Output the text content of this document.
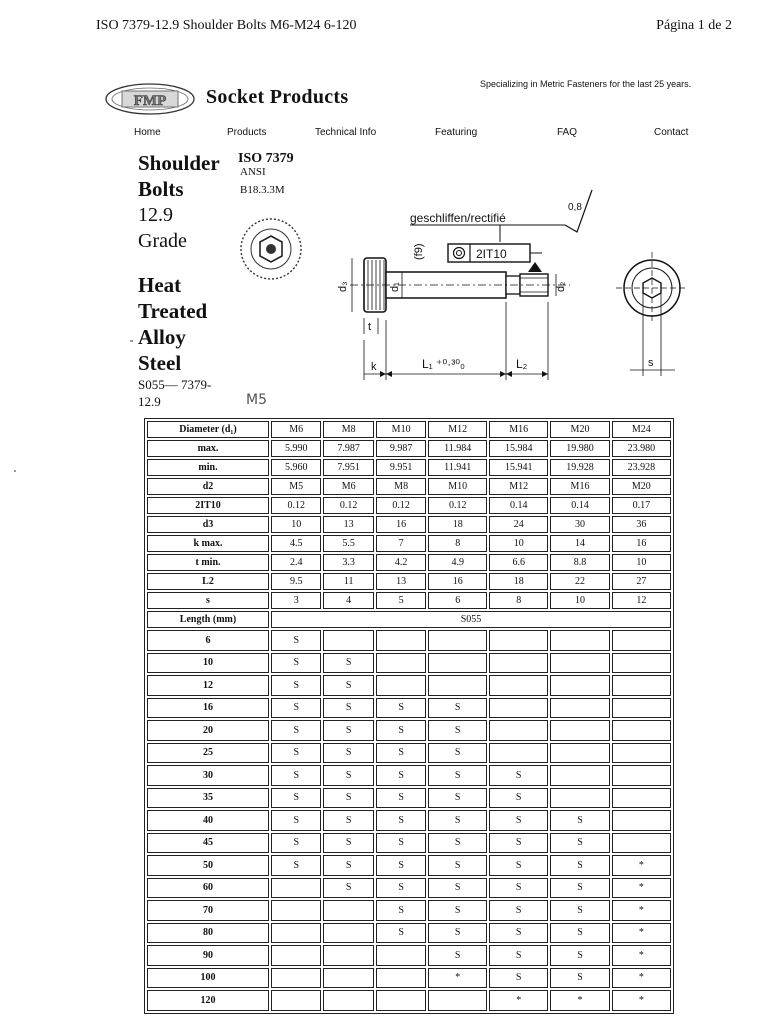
ISO 7379-12.9 Shoulder Bolts M6-M24 6-120	Página 1 de 2
FMP Socket Products
Specializing in Metric Fasteners for the last 25 years.
Home	Products	Technical Info	Featuring	FAQ	Contact
Shoulder
Bolts
12.9
Grade
Heat
Treated
Alloy
Steel
S055— 7379-
12.9	M5
ISO 7379
ANSI
B18.3.3M
geschliffen/rectifié
0,8
2IT10
(f9)
d₃	d₁	d₂
t
k	L₁ ⁺⁰·³⁰₀	L₂	s
Diameter (d₁)	M6	M8	M10	M12	M16	M20	M24
max.	5.990	7.987	9.987	11.984	15.984	19.980	23.980
min.	5.960	7.951	9.951	11.941	15.941	19.928	23.928
d2	M5	M6	M8	M10	M12	M16	M20
2IT10	0.12	0.12	0.12	0.12	0.14	0.14	0.17
d3	10	13	16	18	24	30	36
k max.	4.5	5.5	7	8	10	14	16
t min.	2.4	3.3	4.2	4.9	6.6	8.8	10
L2	9.5	11	13	16	18	22	27
s	3	4	5	6	8	10	12
Length (mm)	S055						
6	S						
10	S	S					
12	S	S					
16	S	S	S	S			
20	S	S	S	S			
25	S	S	S	S			
30	S	S	S	S	S		
35	S	S	S	S	S		
40	S	S	S	S	S	S	
45	S	S	S	S	S	S	
50	S	S	S	S	S	S	*
60		S	S	S	S	S	*
70			S	S	S	S	*
80			S	S	S	S	*
90				S	S	S	*
100				*	S	S	*
120					*	*	*
